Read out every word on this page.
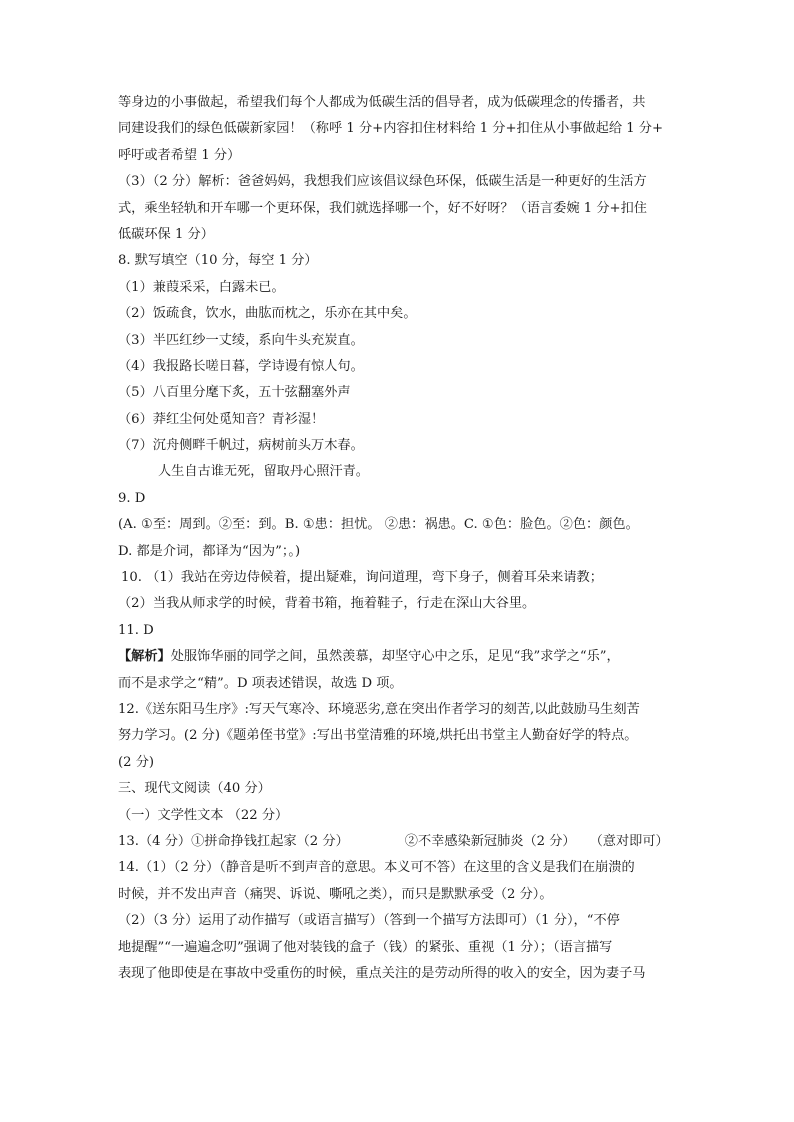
等身边的小事做起，希望我们每个人都成为低碳生活的倡导者，成为低碳理念的传播者，共
同建设我们的绿色低碳新家园！（称呼 1 分+内容扣住材料给 1 分+扣住从小事做起给 1 分+
呼吁或者希望 1 分）
（3）（2 分）解析：爸爸妈妈，我想我们应该倡议绿色环保，低碳生活是一种更好的生活方
式，乘坐轻轨和开车哪一个更环保，我们就选择哪一个，好不好呀？（语言委婉 1 分+扣住
低碳环保 1 分）
8. 默写填空（10 分，每空 1 分）
（1）兼葭采采，白露未已。
（2）饭疏食，饮水，曲肱而枕之，乐亦在其中矣。
（3）半匹红纱一丈绫，系向牛头充炭直。
（4）我报路长嗟日暮，学诗谩有惊人句。
（5）八百里分麾下炙，五十弦翻塞外声
（6）莽红尘何处觅知音？青衫湿！
（7）沉舟侧畔千帆过，病树前头万木春。
人生自古谁无死，留取丹心照汗青。
9. D
(A. ①至：周到。②至：到。B. ①患：担忧。 ②患：祸患。C. ①色：脸色。②色：颜色。
D. 都是介词，都译为“因为”；。)
10. （1）我站在旁边侍候着，提出疑难，询问道理，弯下身子，侧着耳朵来请教；
（2）当我从师求学的时候，背着书箱，拖着鞋子，行走在深山大谷里。
11. D
【解析】处服饰华丽的同学之间，虽然羡慕，却坚守心中之乐，足见“我”求学之“乐”，
而不是求学之“精”。D 项表述错误，故选 D 项。
12.《送东阳马生序》:写天气寒冷、环境恶劣,意在突出作者学习的刻苦,以此鼓励马生刻苦
努力学习。(2 分)《题弟侄书堂》:写出书堂清雅的环境,烘托出书堂主人勤奋好学的特点。
(2 分)
三、现代文阅读（40 分）
（一）文学性文本 （22 分）
13.（4 分）①拼命挣钱扛起家（2 分）	②不幸感染新冠肺炎（2 分） （意对即可）
14.（1）（2 分）（静音是听不到声音的意思。本义可不答）在这里的含义是我们在崩溃的
时候，并不发出声音（痛哭、诉说、嘶吼之类），而只是默默承受（2 分）。
（2）（3 分）运用了动作描写（或语言描写）（答到一个描写方法即可）（1 分），“不停
地提醒”“一遍遍念叨”强调了他对装钱的盒子（钱）的紧张、重视（1 分）；（语言描写
表现了他即使是在事故中受重伤的时候，重点关注的是劳动所得的收入的安全，因为妻子马
